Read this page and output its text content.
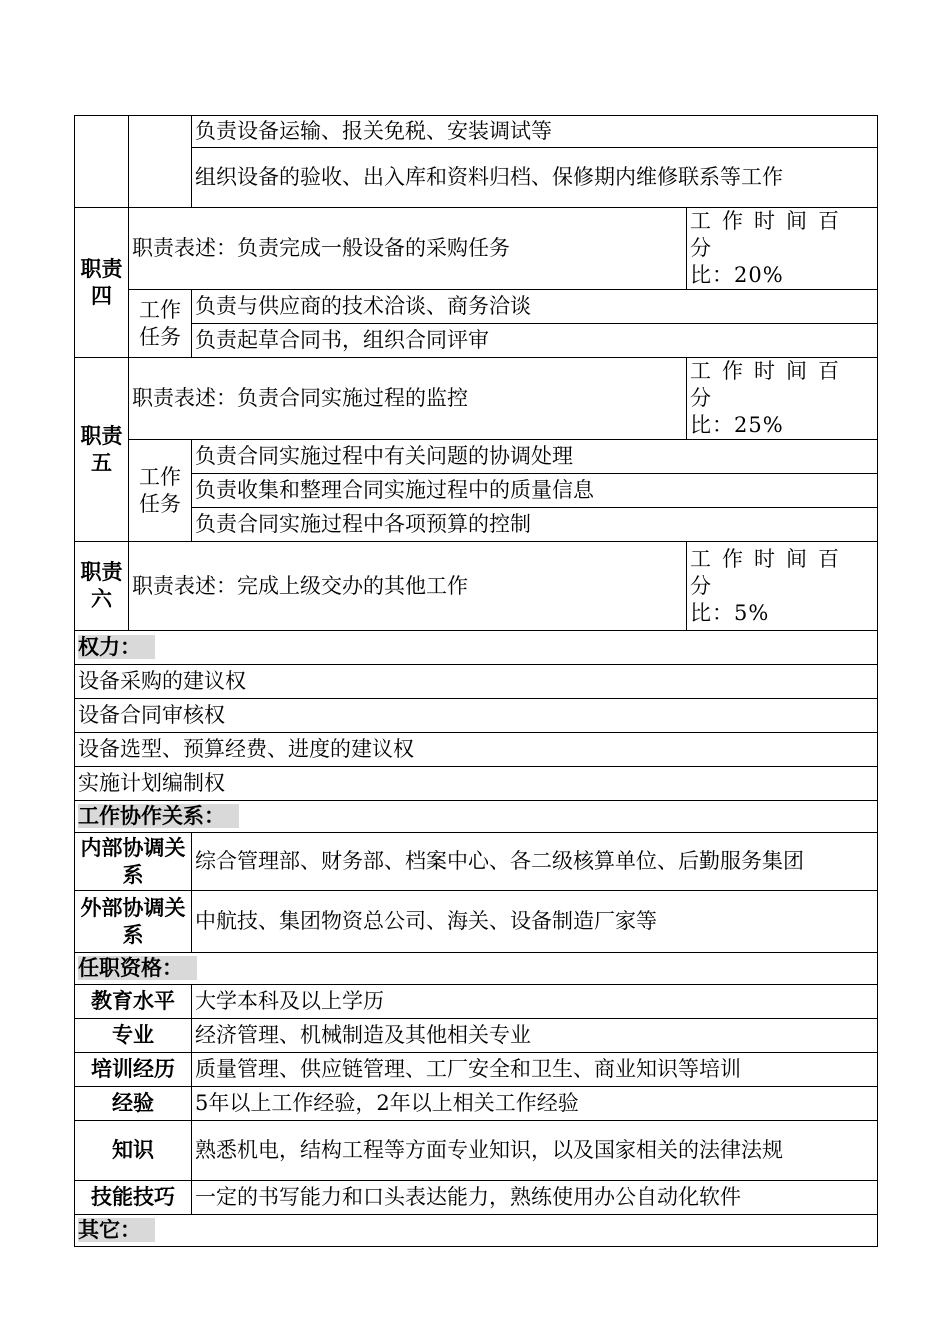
		负责设备运输、报关免税、安装调试等	
		组织设备的验收、出入库和资料归档、保修期内维修联系等工作	
职责四	职责表述：负责完成一般设备的采购任务		工作时间百分
比：20%
	工作任务	负责与供应商的技术洽谈、商务洽谈	
		负责起草合同书，组织合同评审	
职责五	职责表述：负责合同实施过程的监控		工作时间百分
比：25%
	工作任务	负责合同实施过程中有关问题的协调处理	
		负责收集和整理合同实施过程中的质量信息	
		负责合同实施过程中各项预算的控制	
职责六	职责表述：完成上级交办的其他工作		工作时间百分
比：5%
权力：			
设备采购的建议权			
设备合同审核权			
设备选型、预算经费、进度的建议权			
实施计划编制权			
工作协作关系：			
内部协调关系		综合管理部、财务部、档案中心、各二级核算单位、后勤服务集团	
外部协调关系		中航技、集团物资总公司、海关、设备制造厂家等	
任职资格：			
教育水平		大学本科及以上学历	
专业		经济管理、机械制造及其他相关专业	
培训经历		质量管理、供应链管理、工厂安全和卫生、商业知识等培训	
经验		5年以上工作经验，2年以上相关工作经验	
知识		熟悉机电，结构工程等方面专业知识，以及国家相关的法律法规	
技能技巧		一定的书写能力和口头表达能力，熟练使用办公自动化软件	
其它：			
